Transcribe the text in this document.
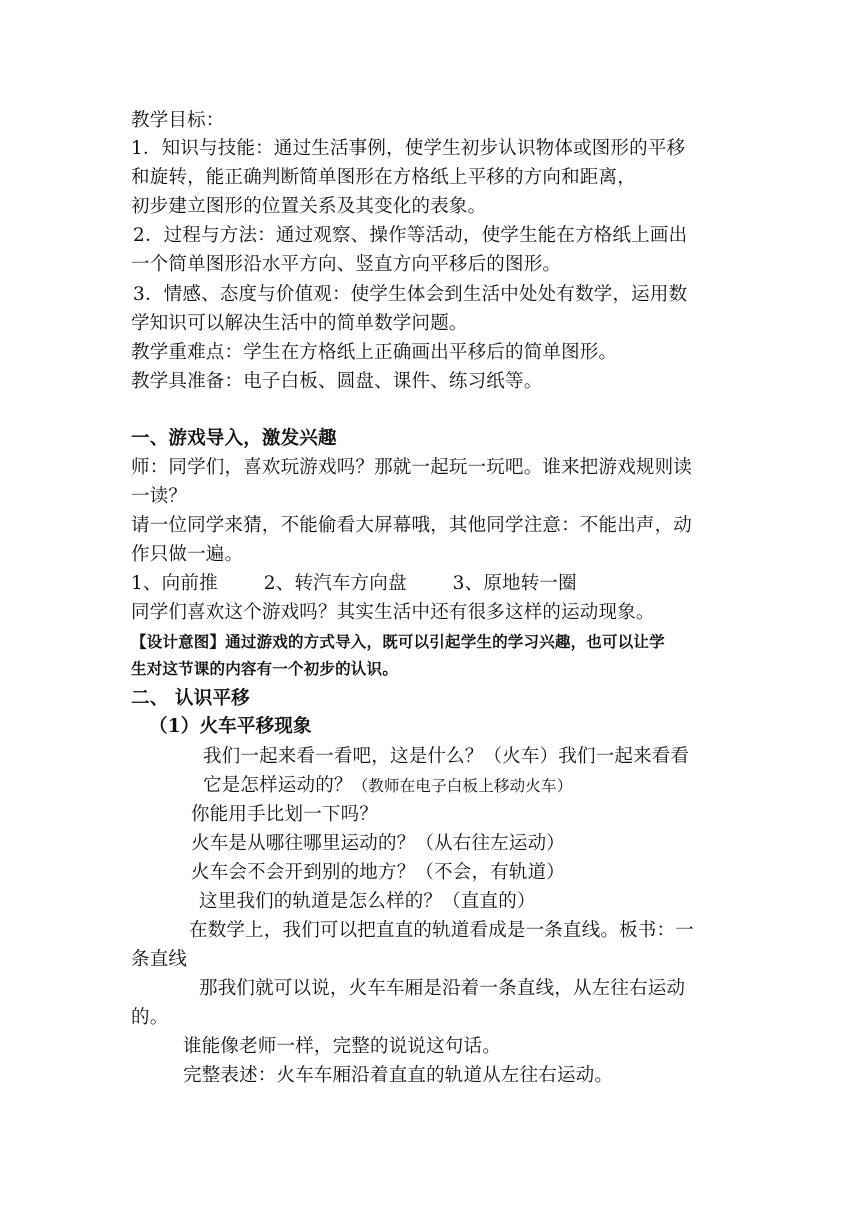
教学目标：
1．知识与技能：通过生活事例，使学生初步认识物体或图形的平移
和旋转，能正确判断简单图形在方格纸上平移的方向和距离，
初步建立图形的位置关系及其变化的表象。
2．过程与方法：通过观察、操作等活动，使学生能在方格纸上画出
一个简单图形沿水平方向、竖直方向平移后的图形。
3．情感、态度与价值观：使学生体会到生活中处处有数学，运用数
学知识可以解决生活中的简单数学问题。
教学重难点：学生在方格纸上正确画出平移后的简单图形。
教学具准备：电子白板、圆盘、课件、练习纸等。
一、游戏导入，激发兴趣
师：同学们，喜欢玩游戏吗？那就一起玩一玩吧。谁来把游戏规则读
一读？
请一位同学来猜，不能偷看大屏幕哦，其他同学注意：不能出声，动
作只做一遍。
1、向前推 2、转汽车方向盘 3、原地转一圈
同学们喜欢这个游戏吗？其实生活中还有很多这样的运动现象。
【设计意图】通过游戏的方式导入，既可以引起学生的学习兴趣，也可以让学
生对这节课的内容有一个初步的认识。
二、 认识平移
（1）火车平移现象
我们一起来看一看吧，这是什么？（火车）我们一起来看看
它是怎样运动的？（教师在电子白板上移动火车）
你能用手比划一下吗？
火车是从哪往哪里运动的？（从右往左运动）
火车会不会开到别的地方？（不会，有轨道）
这里我们的轨道是怎么样的？（直直的）
在数学上，我们可以把直直的轨道看成是一条直线。板书：一
条直线
那我们就可以说，火车车厢是沿着一条直线，从左往右运动
的。
谁能像老师一样，完整的说说这句话。
完整表述：火车车厢沿着直直的轨道从左往右运动。
